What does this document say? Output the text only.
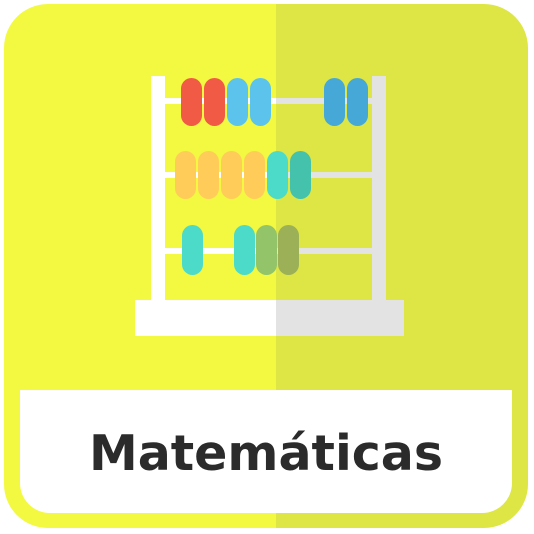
Matemáticas
